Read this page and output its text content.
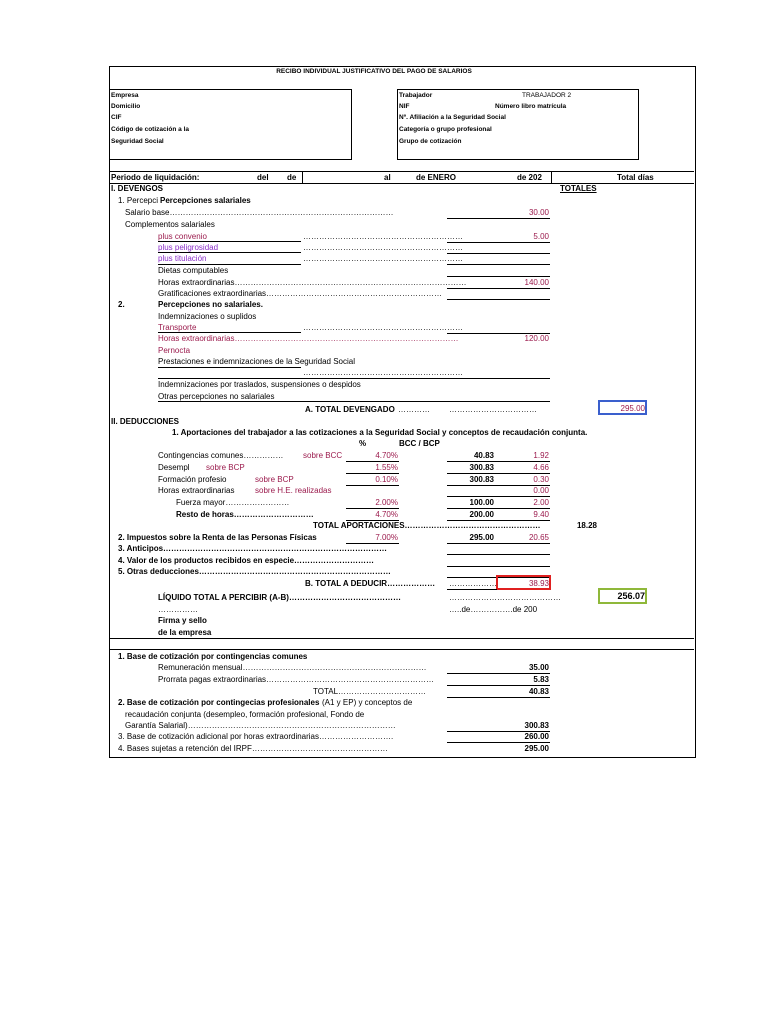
RECIBO INDIVIDUAL JUSTIFICATIVO DEL PAGO DE SALARIOS
Empresa
Domicilio
CIF
Código de cotización a la
Seguridad Social
Trabajador	TRABAJADOR 2
NIF	Número libro matrícula
Nº. Afiliación a la Seguridad Social
Categoría o grupo profesional
Grupo de cotización
Periodo de liquidación:	del de	al	de ENERO	de 202	Total días
I. DEVENGOS	TOTALES
1. Percepci Percepciones salariales
Salario base…………………………………………………………………………	30.00
Complementos salariales
plus convenio	……………………………………………………	5.00
plus peligrosidad	……………………………………………………
plus titulación	……………………………………………………
Dietas computables
Horas extraordinarias……………………………………………………………………………	140.00
Gratificaciones extraordinarias…………………………………………………………
2.	Percepciones no salariales.
Indemnizaciones o suplidos
Transporte	……………………………………………………
Horas extraordinarias…………………………………………………………………………	120.00
Pernocta
Prestaciones e indemnizaciones de la Seguridad Social
……………………………………………………
Indemnizaciones por traslados, suspensiones o despidos
Otras percepciones no salariales
A. TOTAL DEVENGADO ………… ……………………………	295.00
II. DEDUCCIONES
1. Aportaciones del trabajador a las cotizaciones a la Seguridad Social y conceptos de recaudación conjunta.
%	BCC / BCP
Contingencias comunes…………… sobre BCC	4.70%	40.83	1.92
Desempl sobre BCP	1.55%	300.83	4.66
Formación profesio	sobre BCP	0.10%	300.83	0.30
Horas extraordinarias	sobre H.E. realizadas	0.00
Fuerza mayor……………………	2.00%	100.00	2.00
Resto de horas…………………………	4.70%	200.00	9.40
TOTAL APORTACIONES……………………………………………	18.28
2. Impuestos sobre la Renta de las Personas Físicas	7.00%	295.00	20.65
3. Anticipos…………………………………………………………………………
4. Valor de los productos recibidos en especie…………………………
5. Otras deducciones………………………………………………………………
B. TOTAL A DEDUCIR……………… ………………	38.93
LÍQUIDO TOTAL A PERCIBIR (A-B)……………………………………	……………………………………	256.07
……………	…..de…………….de 200
Firma y sello
de la empresa
1. Base de cotización por contingencias comunes
Remuneración mensual……………………………………………………………	35.00
Prorrata pagas extraordinarias………………………………………………………	5.83
TOTAL……………………………	40.83
2. Base de cotización por contingecias profesionales (A1 y EP) y conceptos de
recaudación conjunta (desempleo, formación profesional, Fondo de
Garantía Salarial)……………………………………………………………………	300.83
3. Base de cotización adicional por horas extraordinarias……………………….	260.00
4. Bases sujetas a retención del IRPF……………………………………………	295.00
